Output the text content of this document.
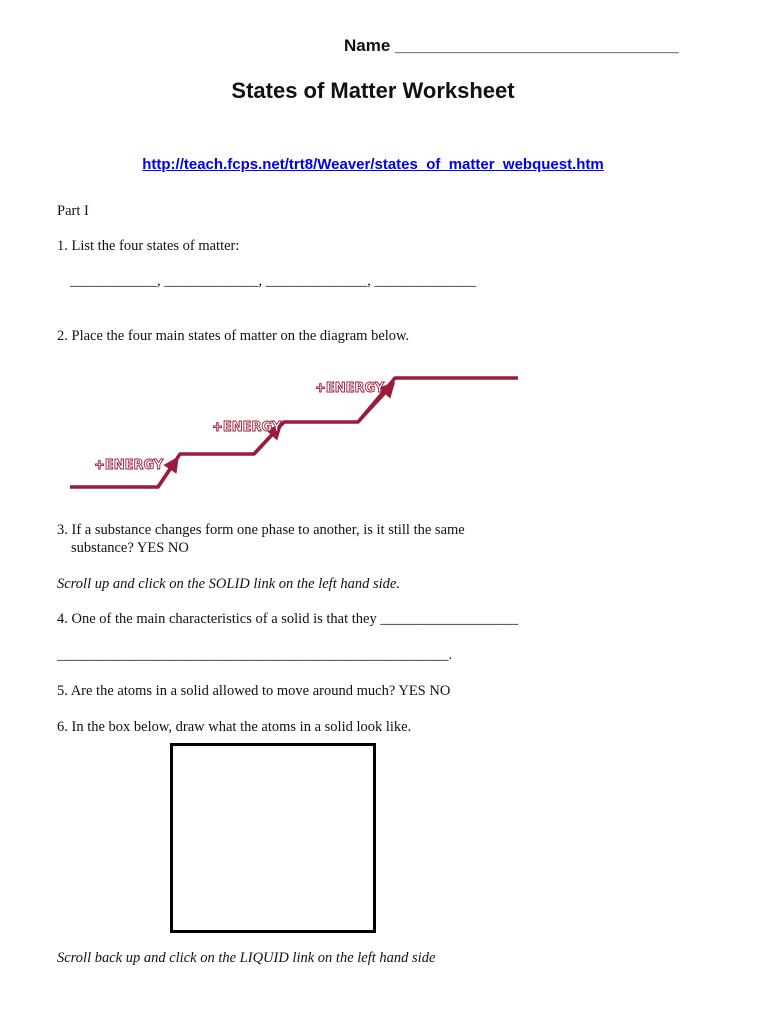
Name ______________________________
States of Matter Worksheet
http://teach.fcps.net/trt8/Weaver/states_of_matter_webquest.htm
Part I
1. List the four states of matter:
____________, _____________, ______________, ______________
2. Place the four main states of matter on the diagram below.
+ENERGY
+ENERGY
+ENERGY
3. If a substance changes form one phase to another, is it still the same
substance? YES NO
Scroll up and click on the SOLID link on the left hand side.
4. One of the main characteristics of a solid is that they ___________________
______________________________________________________.
5. Are the atoms in a solid allowed to move around much? YES NO
6. In the box below, draw what the atoms in a solid look like.
Scroll back up and click on the LIQUID link on the left hand side
